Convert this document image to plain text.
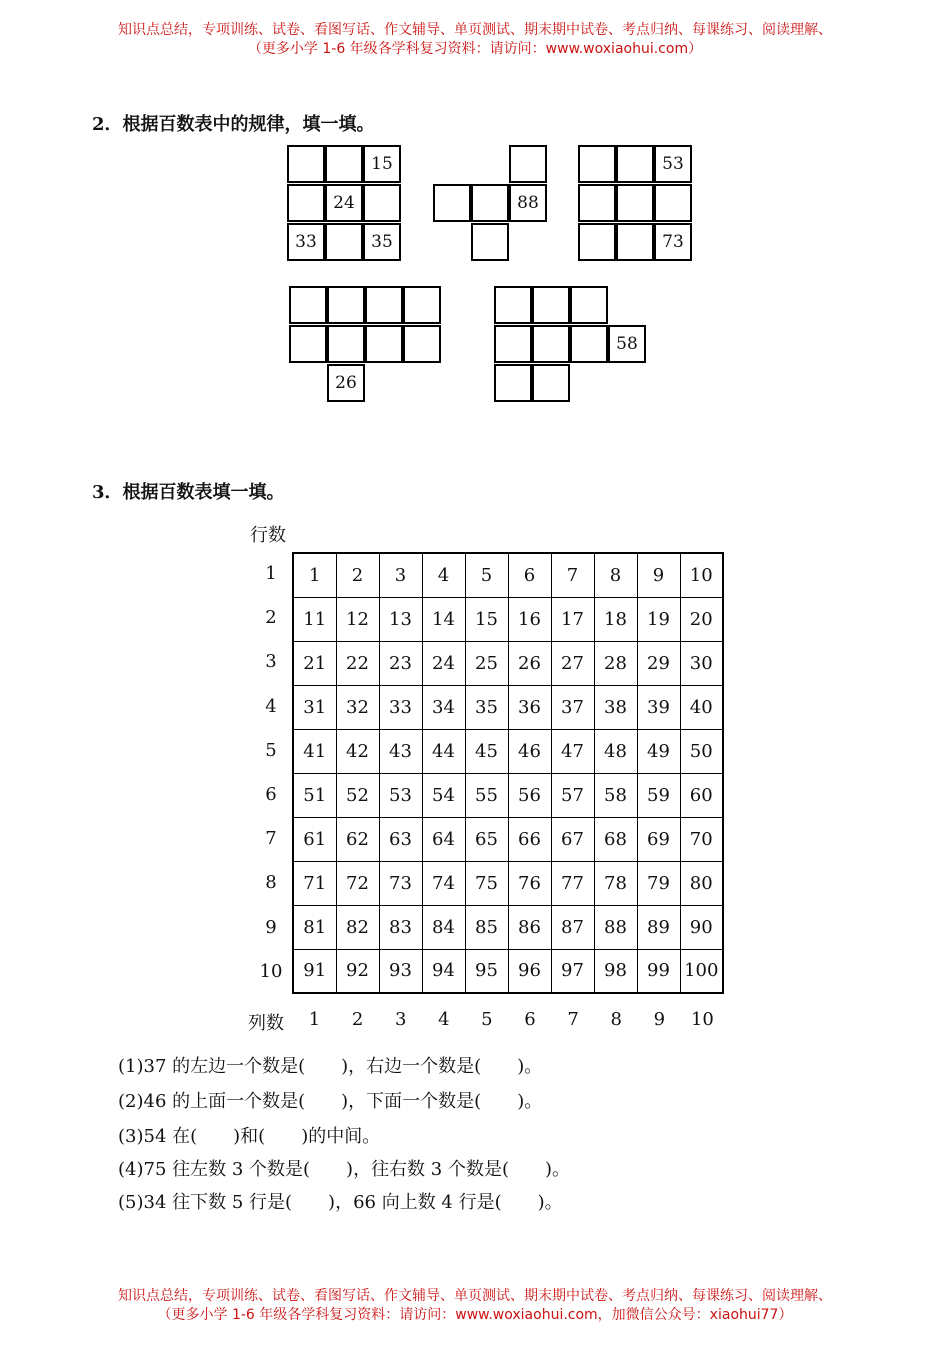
知识点总结，专项训练、试卷、看图写话、作文辅导、单页测试、期末期中试卷、考点归纳、每课练习、阅读理解、
（更多小学 1-6 年级各学科复习资料：请访问：www.woxiaohui.com）
2．根据百数表中的规律，填一填。
15
24
33	35
88
53
73
26
58
3．根据百数表填一填。
行数
列数
1
2
3
4
5
6
7
8
9
10
1	2	3	4	5	6	7	8	9	10
1	2	3	4	5	6	7	8	9	10
11	12	13	14	15	16	17	18	19	20
21	22	23	24	25	26	27	28	29	30
31	32	33	34	35	36	37	38	39	40
41	42	43	44	45	46	47	48	49	50
51	52	53	54	55	56	57	58	59	60
61	62	63	64	65	66	67	68	69	70
71	72	73	74	75	76	77	78	79	80
81	82	83	84	85	86	87	88	89	90
91	92	93	94	95	96	97	98	99	100
(1)37 的左边一个数是(　　)，右边一个数是(　　)。
(2)46 的上面一个数是(　　)，下面一个数是(　　)。
(3)54 在(　　)和(　　)的中间。
(4)75 往左数 3 个数是(　　)，往右数 3 个数是(　　)。
(5)34 往下数 5 行是(　　)，66 向上数 4 行是(　　)。
知识点总结，专项训练、试卷、看图写话、作文辅导、单页测试、期末期中试卷、考点归纳、每课练习、阅读理解、
（更多小学 1-6 年级各学科复习资料：请访问：www.woxiaohui.com，加微信公众号：xiaohui77）
